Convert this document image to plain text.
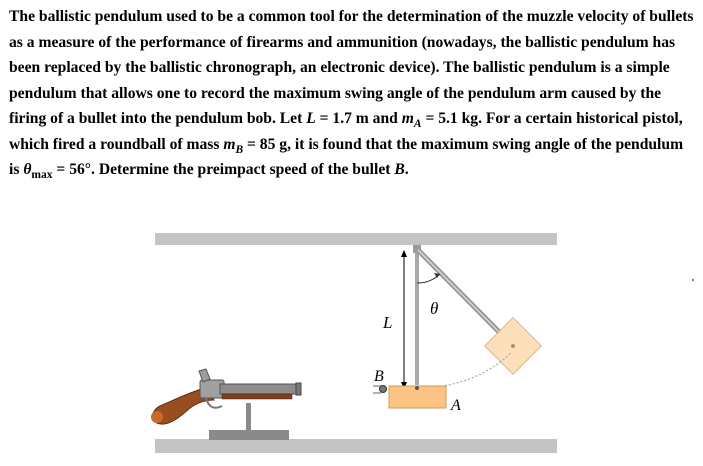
The ballistic pendulum used to be a common tool for the determination of the muzzle velocity of bullets as a measure of the performance of firearms and ammunition (nowadays, the ballistic pendulum has been replaced by the ballistic chronograph, an electronic device). The ballistic pendulum is a simple pendulum that allows one to record the maximum swing angle of the pendulum arm caused by the firing of a bullet into the pendulum bob. Let L = 1.7 m and $m_A = 5.1$ kg. For a certain historical pistol, which fired a roundball of mass $m_B = 85$ g, it is found that the maximum swing angle of the pendulum is $\theta_{max} = 56^\circ$. Determine the preimpact speed of the bullet B.
θ
L
A
B
